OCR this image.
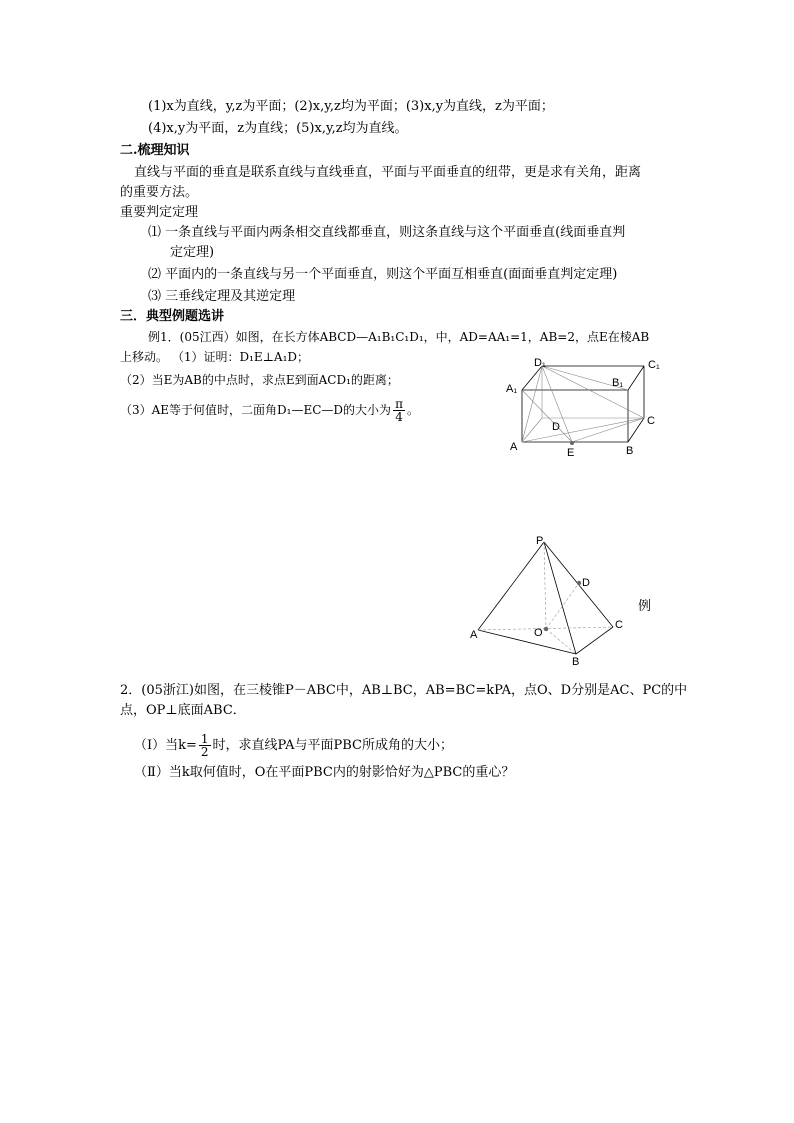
(1)x为直线，y,z为平面；(2)x,y,z均为平面；(3)x,y为直线，z为平面；
(4)x,y为平面，z为直线；(5)x,y,z均为直线。
二.梳理知识
直线与平面的垂直是联系直线与直线垂直，平面与平面垂直的纽带，更是求有关角，距离
的重要方法。
重要判定定理
⑴ 一条直线与平面内两条相交直线都垂直，则这条直线与这个平面垂直(线面垂直判
定定理)
⑵ 平面内的一条直线与另一个平面垂直，则这个平面互相垂直(面面垂直判定定理)
⑶ 三垂线定理及其逆定理
三．典型例题选讲
例1．(05江西）如图，在长方体ABCD—A₁B₁C₁D₁，中，AD=AA₁=1，AB=2，点E在棱AB
上移动。 （1）证明：D₁E⊥A₁D；
（2）当E为AB的中点时，求点E到面ACD₁的距离；
（3）AE等于何值时，二面角D₁—EC—D的大小为 $\frac{\pi}{4}$ 。
D₁	C₁
A₁	B₁
D	C
A	E	B
P
D
A	O
C
B
例
2．(05浙江)如图，在三棱锥P－ABC中，AB⊥BC，AB=BC=kPA，点O、D分别是AC、PC的中
点，OP⊥底面ABC．
（Ⅰ）当$k= \frac{1}{2}$ 时，求直线PA与平面PBC所成角的大小；
（Ⅱ）当k取何值时，O在平面PBC内的射影恰好为△PBC的重心？
